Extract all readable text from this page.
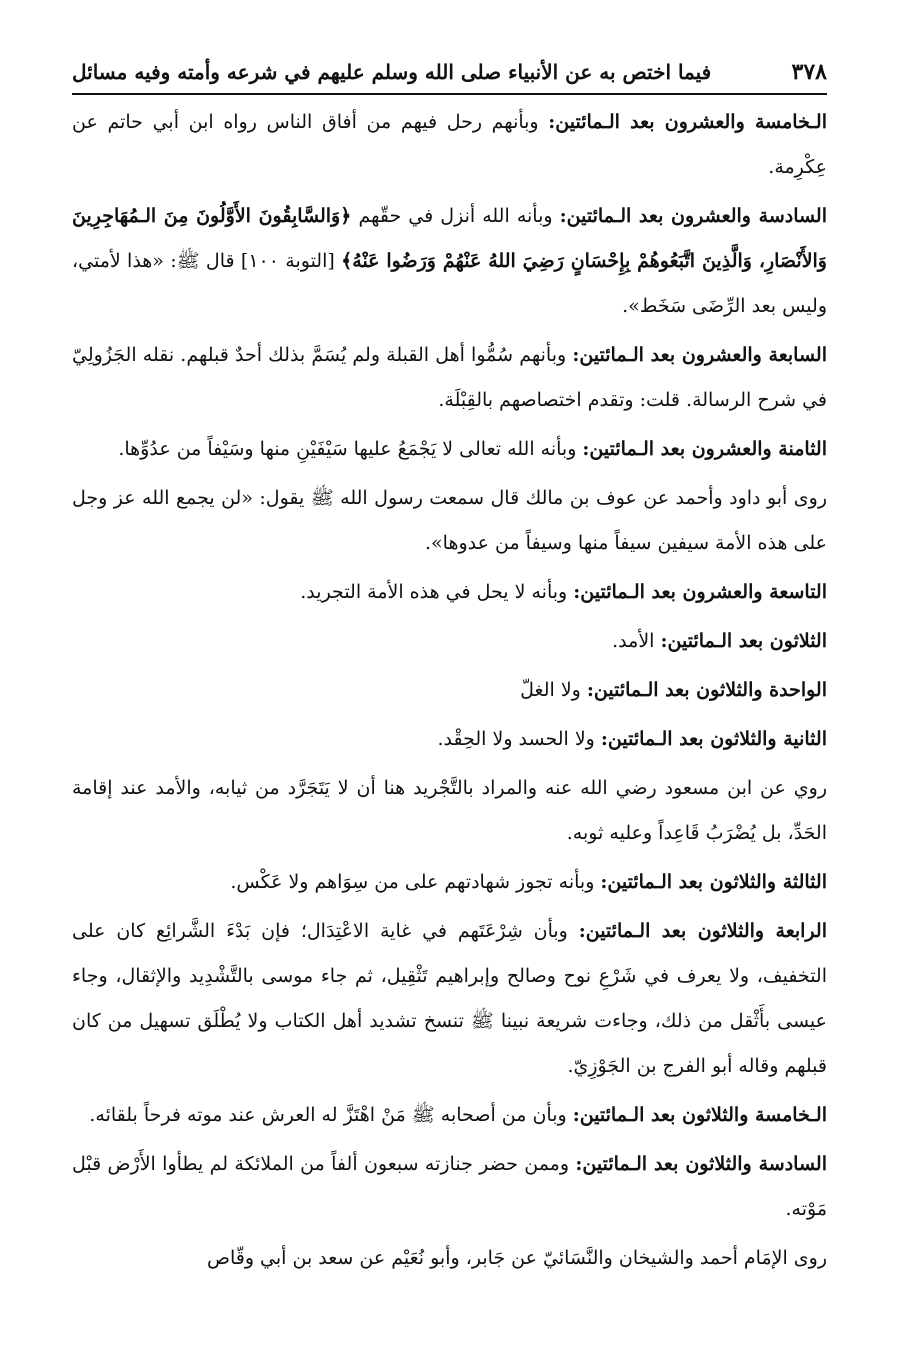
٣٧٨
فيما اختص به عن الأنبياء صلى الله وسلم عليهم في شرعه وأمته وفيه مسائل

الـخامسة والعشرون بعد الـمائتين: وبأنهم رحل فيهم من أفاق الناس رواه ابن أبي حاتم عن عِكْرِمة.

السادسة والعشرون بعد الـمائتين: وبأنه الله أنزل في حقّهم ﴿وَالسَّابِقُونَ الأَوَّلُونَ مِنَ الـمُهَاجِرِينَ وَالأَنْصَارِ، وَالَّذِينَ اتَّبَعُوهُمْ بِإِحْسَانٍ رَضِيَ اللهُ عَنْهُمْ وَرَضُوا عَنْهُ﴾ [التوبة ١٠٠] قال ﷺ: «هذا لأمتي، وليس بعد الرِّضَى سَخَط».

السابعة والعشرون بعد الـمائتين: وبأنهم سُمُّوا أهل القبلة ولم يُسَمَّ بذلك أحدٌ قبلهم. نقله الجَزُولِيّ في شرح الرسالة. قلت: وتقدم اختصاصهم بالقِبْلَة.

الثامنة والعشرون بعد الـمائتين: وبأنه الله تعالى لا يَجْمَعُ عليها سَيْفَيْنِ منها وسَيْفاً من عدُوِّها.

روى أبو داود وأحمد عن عوف بن مالك قال سمعت رسول الله ﷺ يقول: «لن يجمع الله عز وجل على هذه الأمة سيفين سيفاً منها وسيفاً من عدوها».

التاسعة والعشرون بعد الـمائتين: وبأنه لا يحل في هذه الأمة التجريد.

الثلاثون بعد الـمائتين: الأمد.

الواحدة والثلاثون بعد الـمائتين: ولا الغلّ

الثانية والثلاثون بعد الـمائتين: ولا الحسد ولا الحِقْد.

روي عن ابن مسعود رضي الله عنه والمراد بالتَّجْريد هنا أن لا يَتَجَرَّد من ثيابه، والأمد عند إقامة الحَدِّ، بل يُضْرَبُ قَاعِداً وعليه ثوبه.

الثالثة والثلاثون بعد الـمائتين: وبأنه تجوز شهادتهم على من سِوَاهم ولا عَكْس.

الرابعة والثلاثون بعد الـمائتين: وبأن شِرْعَتَهم في غاية الاعْتِدَال؛ فإن بَدْءَ الشَّرائِع كان على التخفيف، ولا يعرف في شَرْعِ نوح وصالح وإبراهيم تَثْقِيل، ثم جاء موسى بالتَّشْدِيد والإثقال، وجاء عيسى بأَثْقل من ذلك، وجاءت شريعة نبينا ﷺ تنسخ تشديد أهل الكتاب ولا يُطْلَق تسهيل من كان قبلهم وقاله أبو الفرج بن الجَوْزِيّ.

الـخامسة والثلاثون بعد الـمائتين: وبأن من أصحابه ﷺ مَنْ اهْتَزَّ له العرش عند موته فرحاً بلقائه.

السادسة والثلاثون بعد الـمائتين: وممن حضر جنازته سبعون ألفاً من الملائكة لم يطأوا الأَرْض قبْل مَوْته.

روى الإمَام أحمد والشيخان والنَّسَائيّ عن جَابر، وأبو نُعَيْم عن سعد بن أبي وقّاص
